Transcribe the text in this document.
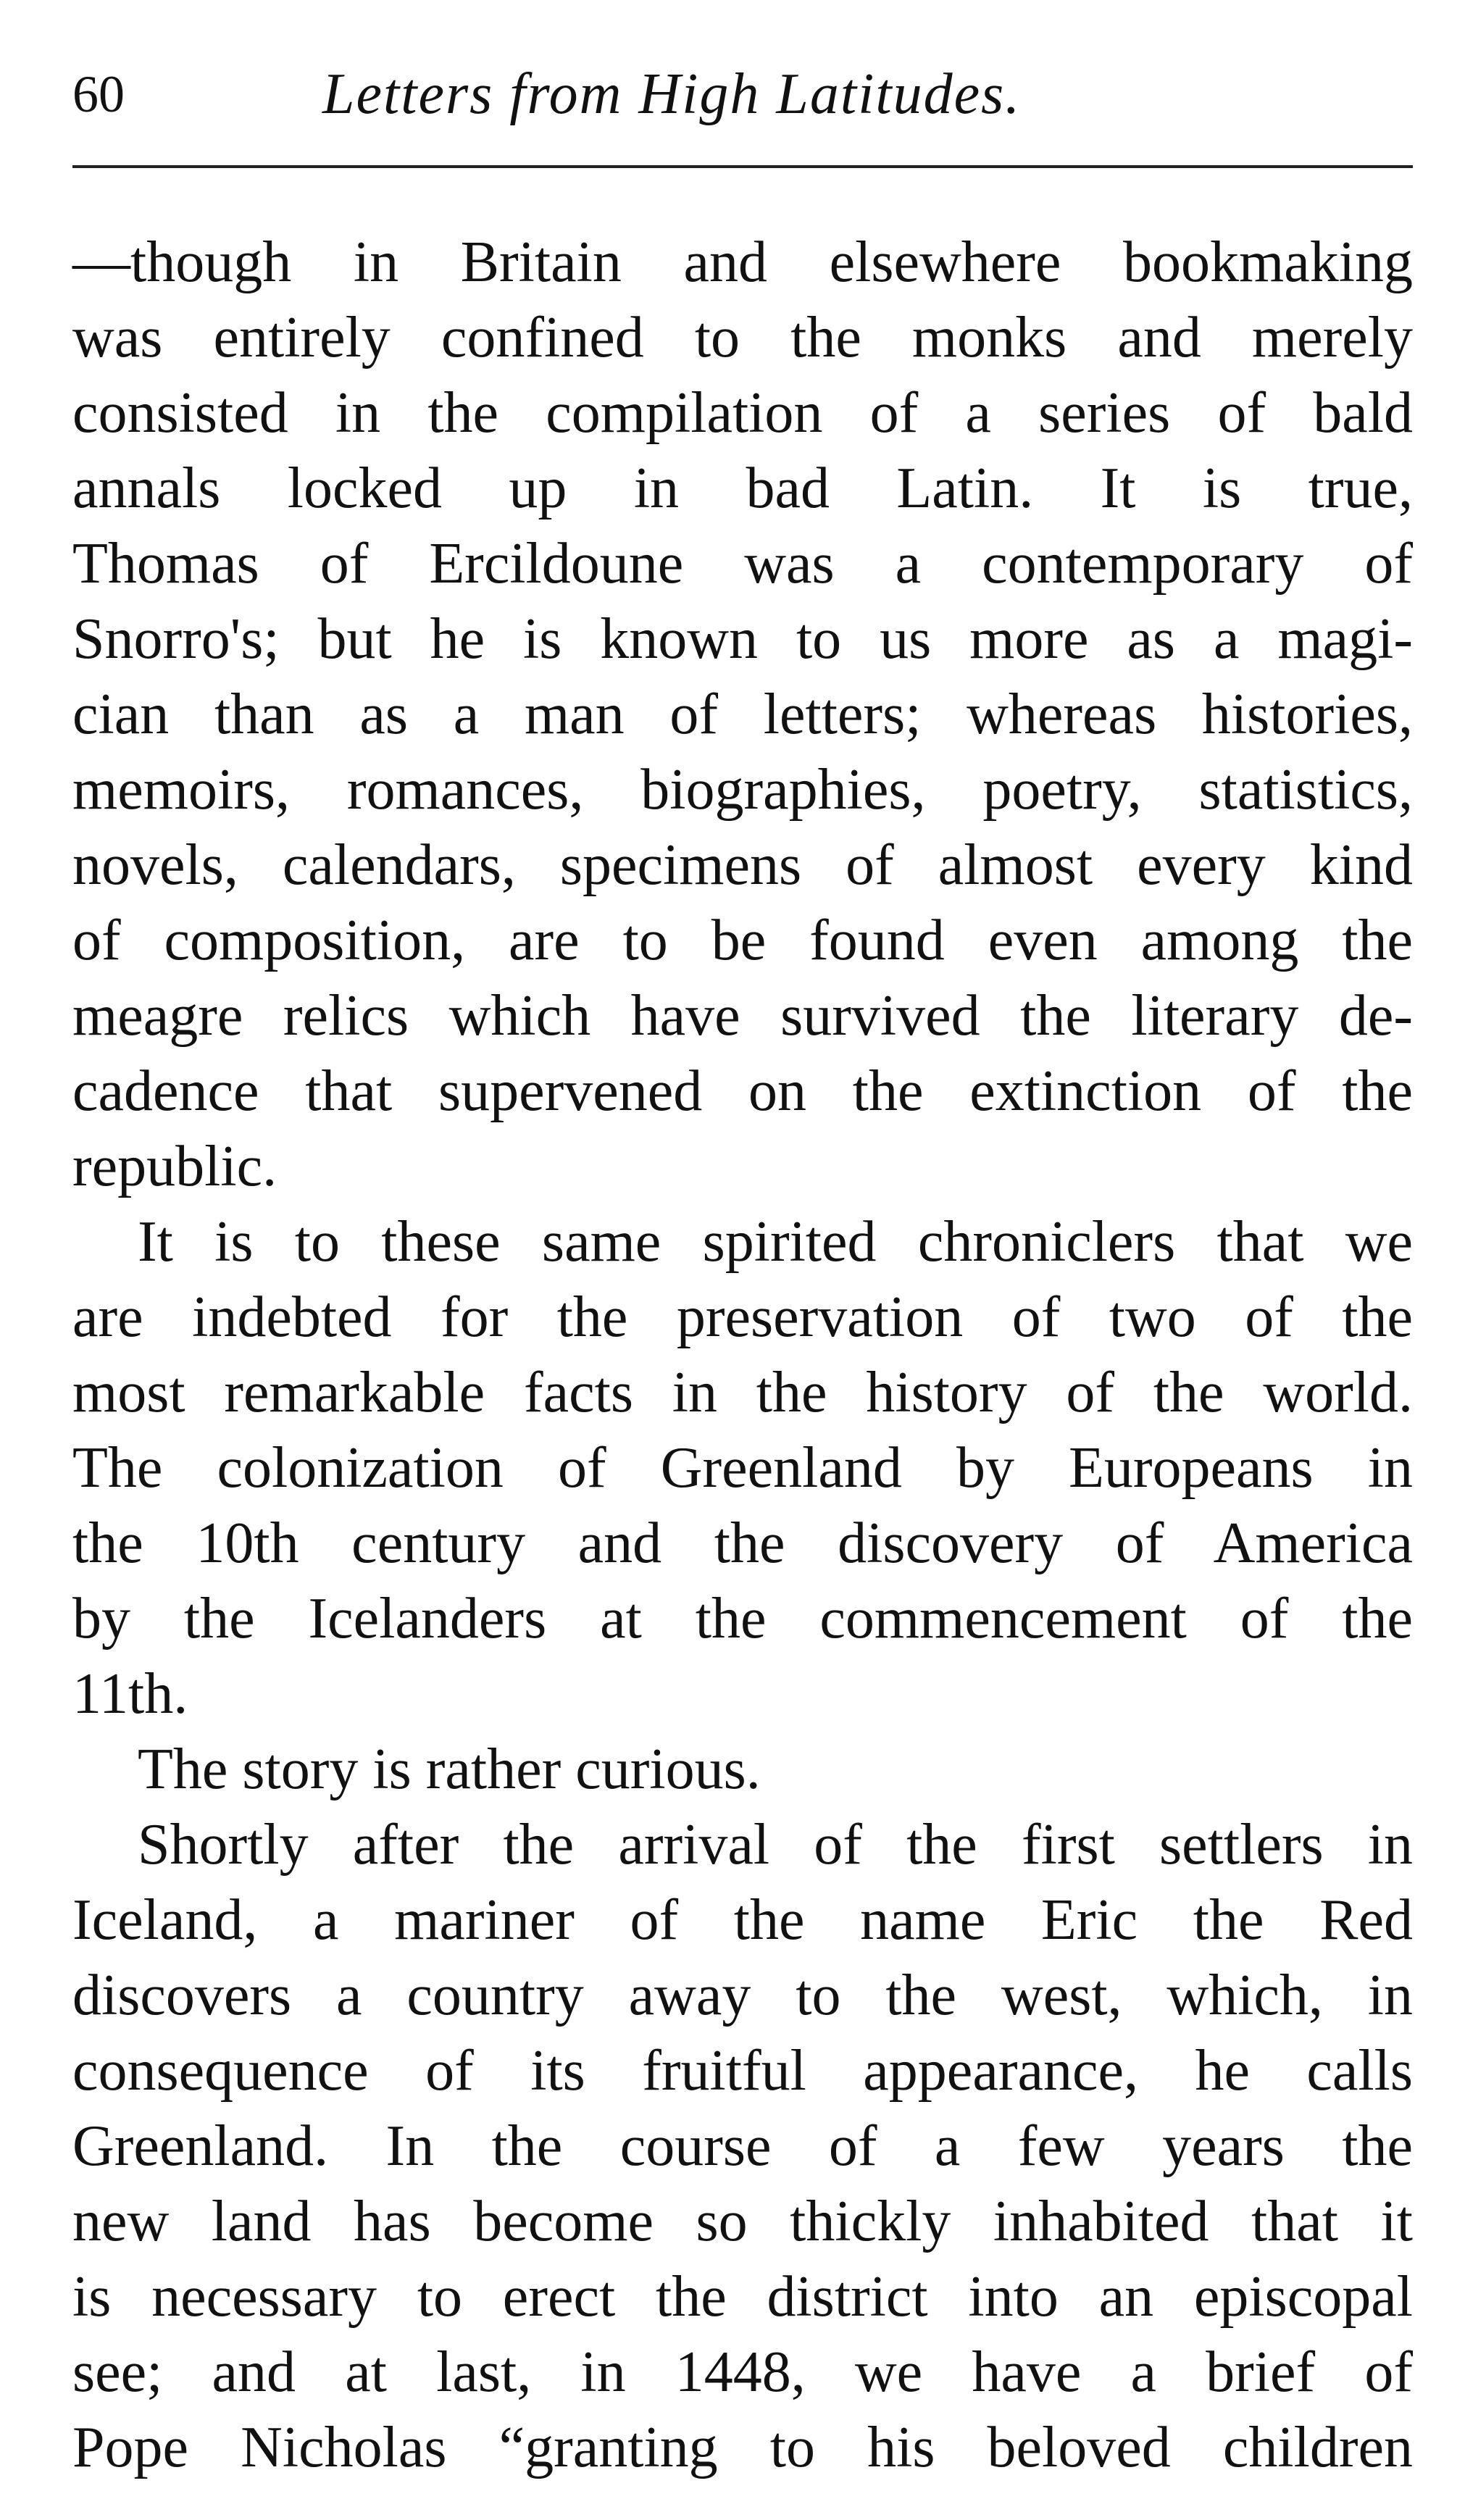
60	Letters from High Latitudes.
—though in Britain and elsewhere bookmaking
was entirely confined to the monks and merely
consisted in the compilation of a series of bald
annals locked up in bad Latin. It is true,
Thomas of Ercildoune was a contemporary of
Snorro's; but he is known to us more as a magi-
cian than as a man of letters; whereas histories,
memoirs, romances, biographies, poetry, statistics,
novels, calendars, specimens of almost every kind
of composition, are to be found even among the
meagre relics which have survived the literary de-
cadence that supervened on the extinction of the
republic.
It is to these same spirited chroniclers that we
are indebted for the preservation of two of the
most remarkable facts in the history of the world.
The colonization of Greenland by Europeans in
the 10th century and the discovery of America
by the Icelanders at the commencement of the
11th.
The story is rather curious.
Shortly after the arrival of the first settlers in
Iceland, a mariner of the name Eric the Red
discovers a country away to the west, which, in
consequence of its fruitful appearance, he calls
Greenland. In the course of a few years the
new land has become so thickly inhabited that it
is necessary to erect the district into an episcopal
see; and at last, in 1448, we have a brief of
Pope Nicholas “granting to his beloved children
